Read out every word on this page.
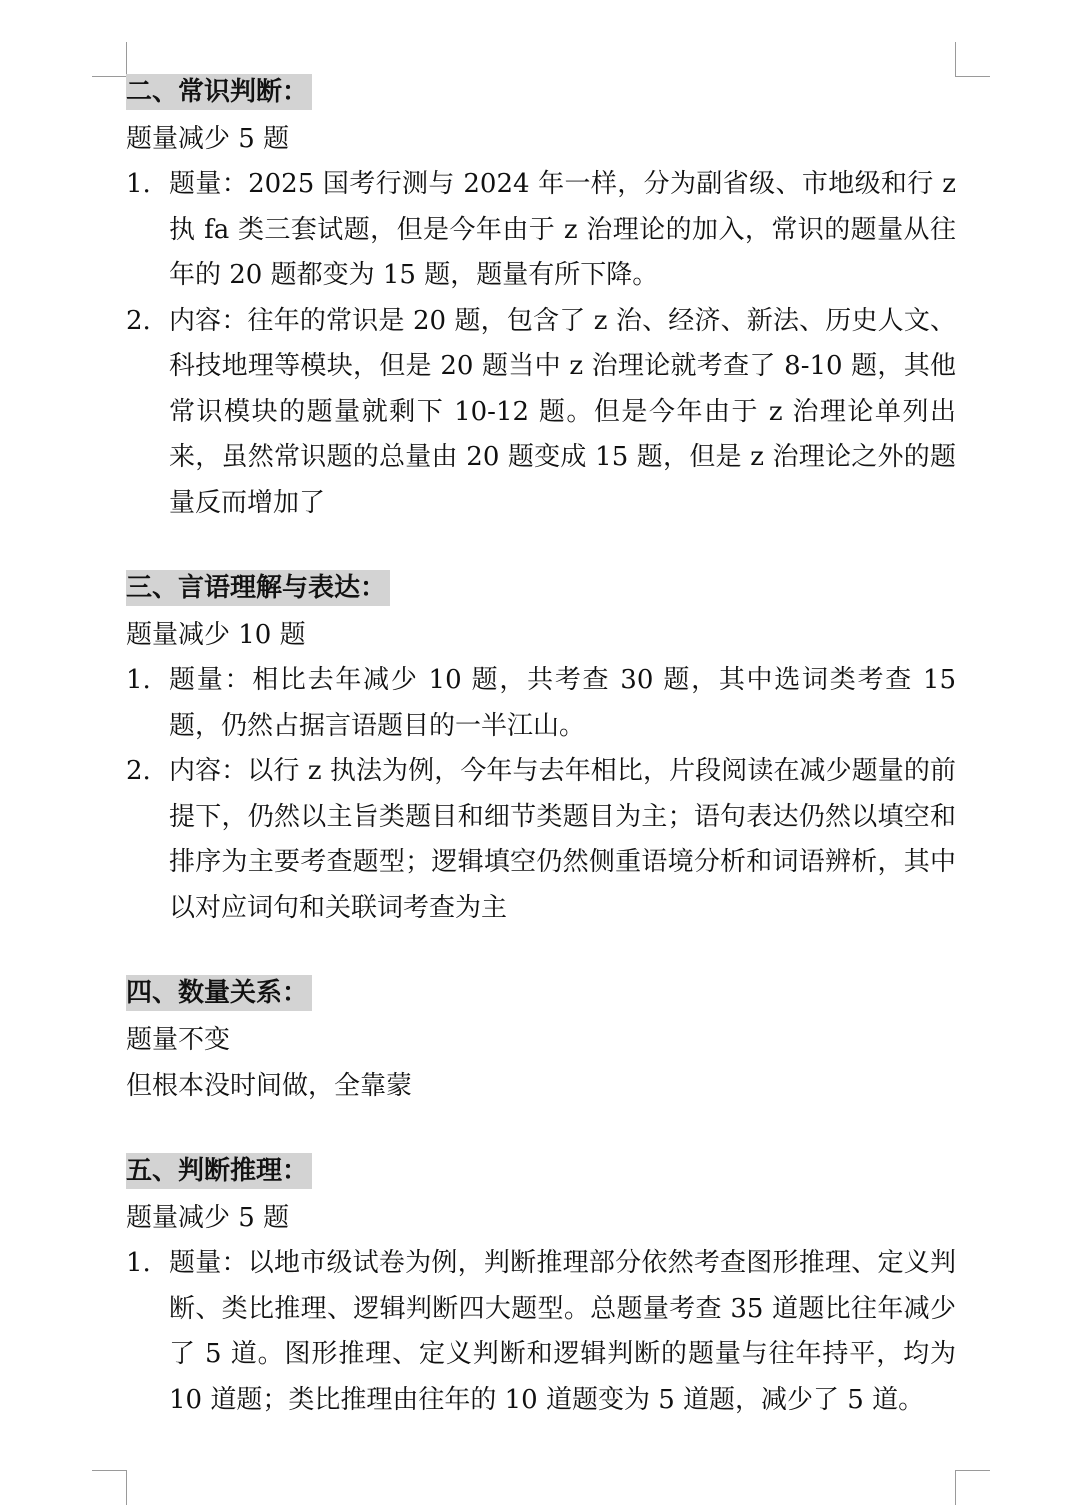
二、常识判断：
题量减少 5 题
1. 题量：2025 国考行测与 2024 年一样，分为副省级、市地级和行 z 执 fa 类三套试题，但是今年由于 z 治理论的加入，常识的题量从往年的 20 题都变为 15 题，题量有所下降。
2. 内容：往年的常识是 20 题，包含了 z 治、经济、新法、历史人文、科技地理等模块，但是 20 题当中 z 治理论就考查了 8-10 题，其他常识模块的题量就剩下 10-12 题。但是今年由于 z 治理论单列出来，虽然常识题的总量由 20 题变成 15 题，但是 z 治理论之外的题量反而增加了
三、言语理解与表达：
题量减少 10 题
1. 题量：相比去年减少 10 题，共考查 30 题，其中选词类考查 15 题，仍然占据言语题目的一半江山。
2. 内容：以行 z 执法为例，今年与去年相比，片段阅读在减少题量的前提下，仍然以主旨类题目和细节类题目为主；语句表达仍然以填空和排序为主要考查题型；逻辑填空仍然侧重语境分析和词语辨析，其中以对应词句和关联词考查为主
四、数量关系：
题量不变
但根本没时间做，全靠蒙
五、判断推理：
题量减少 5 题
1. 题量：以地市级试卷为例，判断推理部分依然考查图形推理、定义判断、类比推理、逻辑判断四大题型。总题量考查 35 道题比往年减少了 5 道。图形推理、定义判断和逻辑判断的题量与往年持平，均为 10 道题；类比推理由往年的 10 道题变为 5 道题，减少了 5 道。
